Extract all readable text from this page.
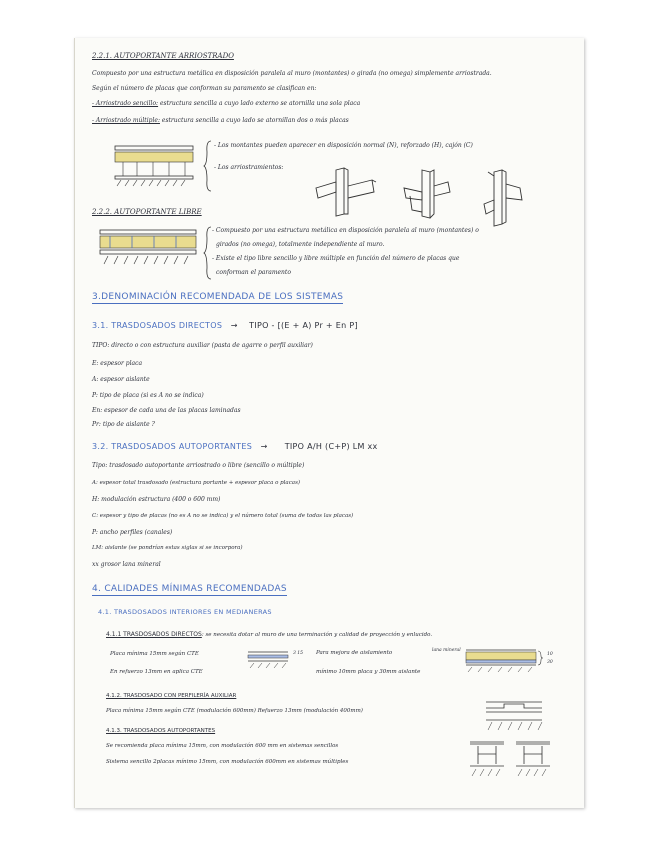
2.2.1. AUTOPORTANTE ARRIOSTRADO
Compuesto por una estructura metálica en disposición paralela al muro (montantes) o girada (no omega) simplemente arriostrada.
Según el número de placas que conforman su paramento se clasifican en:
- Arriostrado sencillo: estructura sencilla a cuyo lado externo se atornilla una sola placa
- Arriostrado múltiple: estructura sencilla a cuyo lado se atornillan dos o más placas
- Los montantes pueden aparecer en disposición normal (N), reforzado (H), cajón (C)
- Los arriostramientos:
2.2.2. AUTOPORTANTE LIBRE
- Compuesto por una estructura metálica en disposición paralela al muro (montantes) o
girados (no omega), totalmente independiente al muro.
- Existe el tipo libre sencillo y libre múltiple en función del número de placas que
conforman el paramento
3.DENOMINACIÓN RECOMENDADA DE LOS SISTEMAS
3.1. TRASDOSADOS DIRECTOS → TIPO - [(E + A) Pr + En P]
TIPO: directo o con estructura auxiliar (pasta de agarre o perfil auxiliar)
E: espesor placa
A: espesor aislante
P: tipo de placa (si es A no se indica)
En: espesor de cada una de las placas laminadas
Pr: tipo de aislante ?
3.2. TRASDOSADOS AUTOPORTANTES → TIPO A/H (C+P) LM xx
Tipo: trasdosado autoportante arriostrado o libre (sencillo o múltiple)
A: espesor total trasdosado (estructura portante + espesor placa o placas)
H: modulación estructura (400 o 600 mm)
C: espesor y tipo de placas (no es A no se indica) y el número total (suma de todas las placas)
P: ancho perfiles (canales)
LM: aislante (se pondrían estas siglas si se incorpora)
xx grosor lana mineral
4. CALIDADES MÍNIMAS RECOMENDADAS
4.1. TRASDOSADOS INTERIORES EN MEDIANERAS
4.1.1 TRASDOSADOS DIRECTOS: se necesita dotar al muro de una terminación y calidad de proyección y enlucido.
Placa mínima 15mm según CTE	3 15 Para mejora de aislamiento	lana mineral
10
30
En refuerzo 13mm en aplica CTE	mínimo 10mm placa y 30mm aislante
4.1.2. TRASDOSADO CON PERFILERÍA AUXILIAR
Placa mínima 15mm según CTE (modulación 600mm) Refuerzo 13mm (modulación 400mm)
4.1.3. TRASDOSADOS AUTOPORTANTES
Se recomienda placa mínima 15mm, con modulación 600 mm en sistemas sencillos
Sistema sencillo 2placas mínimo 15mm, con modulación 600mm en sistemas múltiples
